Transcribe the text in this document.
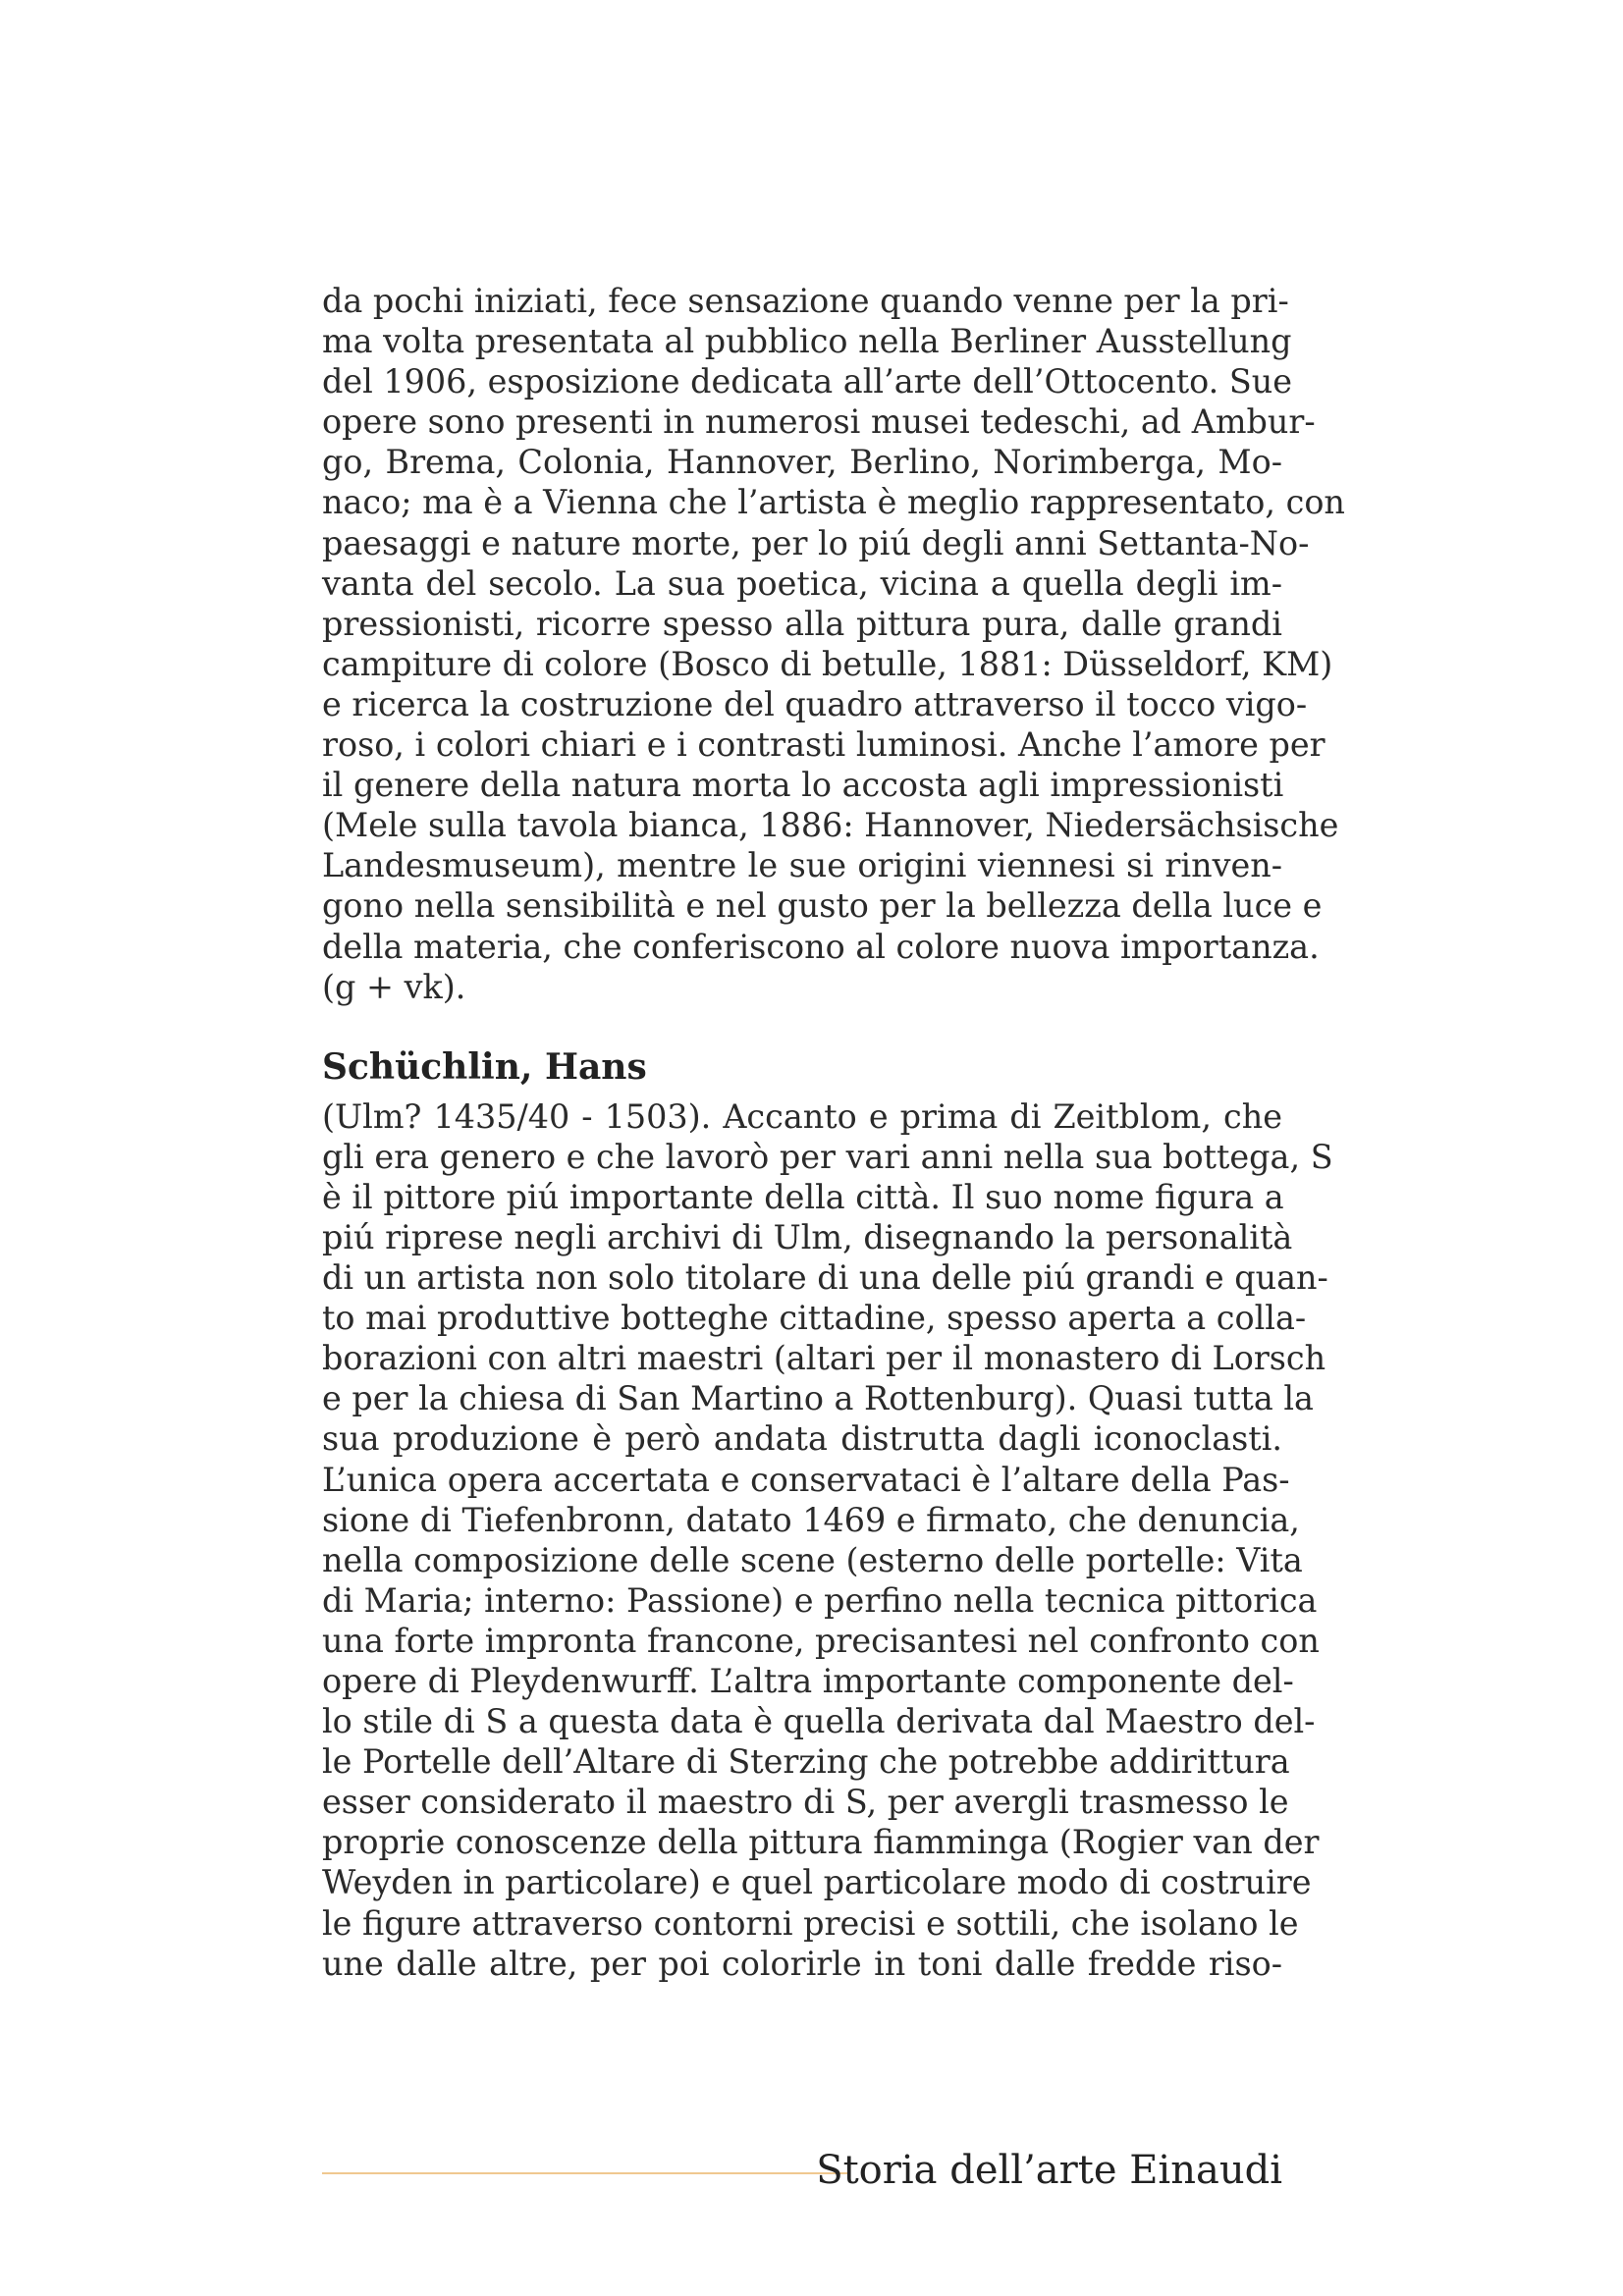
da pochi iniziati, fece sensazione quando venne per la pri-
ma volta presentata al pubblico nella Berliner Ausstellung
del 1906, esposizione dedicata all’arte dell’Ottocento. Sue
opere sono presenti in numerosi musei tedeschi, ad Ambur-
go, Brema, Colonia, Hannover, Berlino, Norimberga, Mo-
naco; ma è a Vienna che l’artista è meglio rappresentato, con
paesaggi e nature morte, per lo piú degli anni Settanta-No-
vanta del secolo. La sua poetica, vicina a quella degli im-
pressionisti, ricorre spesso alla pittura pura, dalle grandi
campiture di colore (Bosco di betulle, 1881: Düsseldorf, KM)
e ricerca la costruzione del quadro attraverso il tocco vigo-
roso, i colori chiari e i contrasti luminosi. Anche l’amore per
il genere della natura morta lo accosta agli impressionisti
(Mele sulla tavola bianca, 1886: Hannover, Niedersächsische
Landesmuseum), mentre le sue origini viennesi si rinven-
gono nella sensibilità e nel gusto per la bellezza della luce e
della materia, che conferiscono al colore nuova importanza.
(g + vk).
Schüchlin, Hans
(Ulm? 1435/40 - 1503). Accanto e prima di Zeitblom, che
gli era genero e che lavorò per vari anni nella sua bottega, S
è il pittore piú importante della città. Il suo nome figura a
piú riprese negli archivi di Ulm, disegnando la personalità
di un artista non solo titolare di una delle piú grandi e quan-
to mai produttive botteghe cittadine, spesso aperta a colla-
borazioni con altri maestri (altari per il monastero di Lorsch
e per la chiesa di San Martino a Rottenburg). Quasi tutta la
sua produzione è però andata distrutta dagli iconoclasti.
L’unica opera accertata e conservataci è l’altare della Pas-
sione di Tiefenbronn, datato 1469 e firmato, che denuncia,
nella composizione delle scene (esterno delle portelle: Vita
di Maria; interno: Passione) e perfino nella tecnica pittorica
una forte impronta francone, precisantesi nel confronto con
opere di Pleydenwurff. L’altra importante componente del-
lo stile di S a questa data è quella derivata dal Maestro del-
le Portelle dell’Altare di Sterzing che potrebbe addirittura
esser considerato il maestro di S, per avergli trasmesso le
proprie conoscenze della pittura fiamminga (Rogier van der
Weyden in particolare) e quel particolare modo di costruire
le figure attraverso contorni precisi e sottili, che isolano le
une dalle altre, per poi colorirle in toni dalle fredde riso-
Storia dell’arte Einaudi
